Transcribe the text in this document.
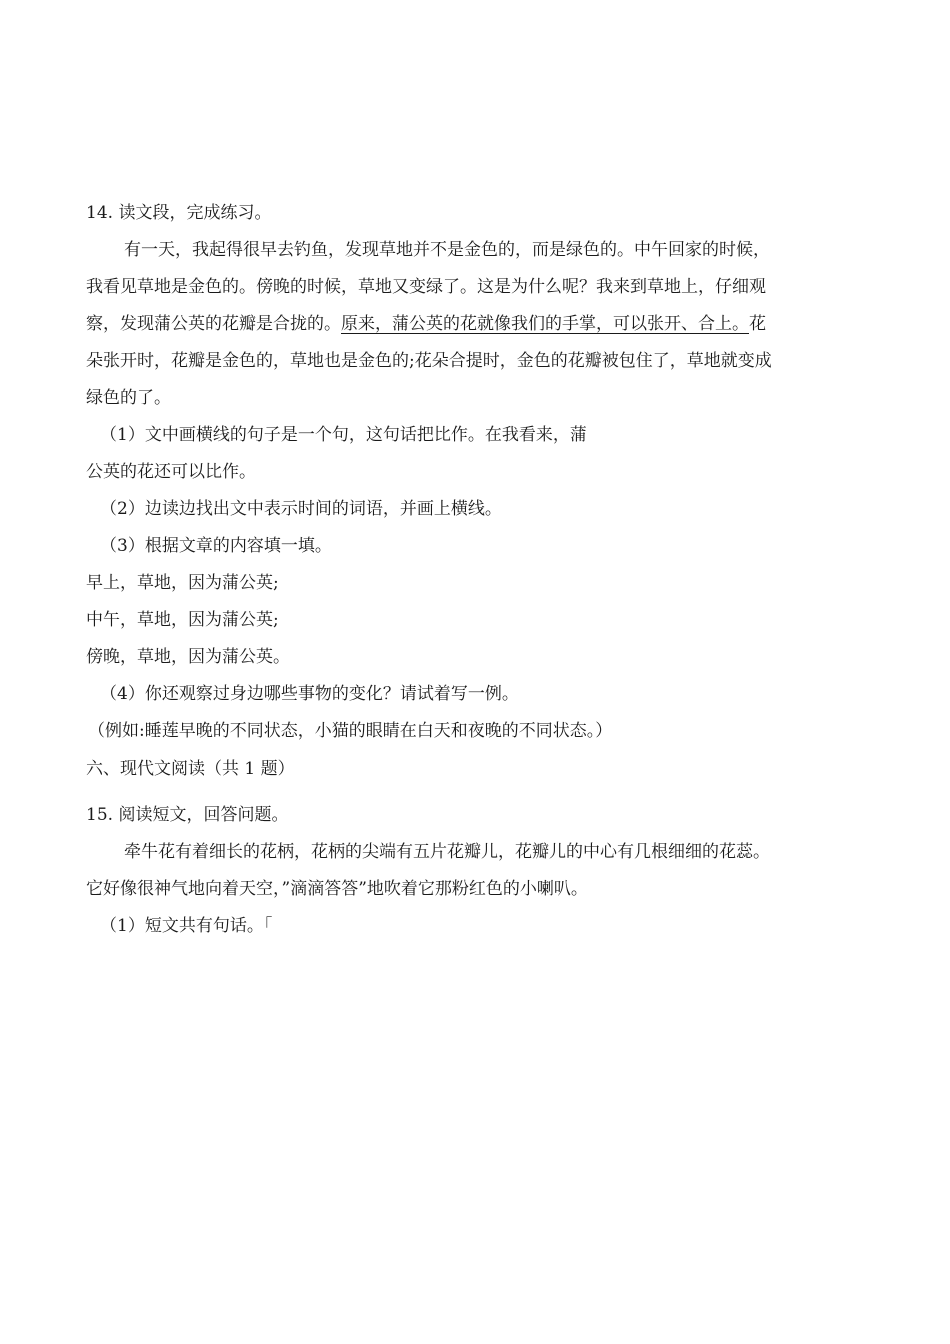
14. 读文段，完成练习。
有一天，我起得很早去钓鱼，发现草地并不是金色的，而是绿色的。中午回家的时候，
我看见草地是金色的。傍晚的时候，草地又变绿了。这是为什么呢？我来到草地上，仔细观
察，发现蒲公英的花瓣是合拢的。原来，蒲公英的花就像我们的手掌，可以张开、合上。花
朵张开时，花瓣是金色的，草地也是金色的;花朵合提时，金色的花瓣被包住了，草地就变成
绿色的了。
（1）文中画横线的句子是一个句，这句话把比作。在我看来，蒲
公英的花还可以比作。
（2）边读边找出文中表示时间的词语，并画上横线。
（3）根据文章的内容填一填。
早上，草地，因为蒲公英;
中午，草地，因为蒲公英;
傍晚，草地，因为蒲公英。
（4）你还观察过身边哪些事物的变化？请试着写一例。
（例如:睡莲早晚的不同状态，小猫的眼睛在白天和夜晚的不同状态。）
六、现代文阅读（共 1 题）
15. 阅读短文，回答问题。
牵牛花有着细长的花柄，花柄的尖端有五片花瓣儿，花瓣儿的中心有几根细细的花蕊。
它好像很神气地向着天空，”滴滴答答”地吹着它那粉红色的小喇叭。
（1）短文共有句话。「
